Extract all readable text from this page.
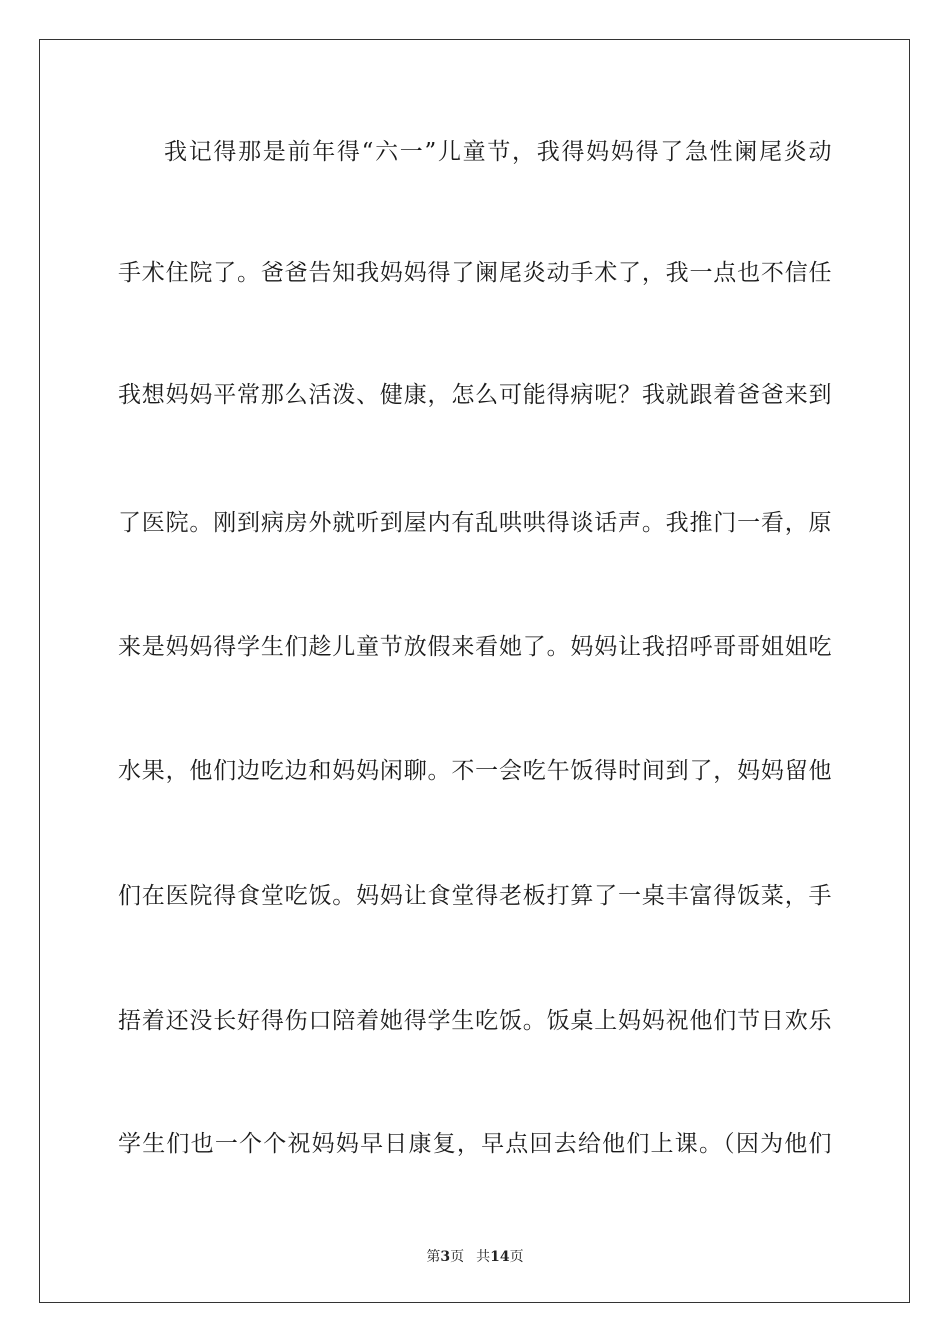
我记得那是前年得“六一”儿童节，我得妈妈得了急性阑尾炎动
手术住院了。爸爸告知我妈妈得了阑尾炎动手术了，我一点也不信任
我想妈妈平常那么活泼、健康，怎么可能得病呢？我就跟着爸爸来到
了医院。刚到病房外就听到屋内有乱哄哄得谈话声。我推门一看，原
来是妈妈得学生们趁儿童节放假来看她了。妈妈让我招呼哥哥姐姐吃
水果，他们边吃边和妈妈闲聊。不一会吃午饭得时间到了，妈妈留他
们在医院得食堂吃饭。妈妈让食堂得老板打算了一桌丰富得饭菜，手
捂着还没长好得伤口陪着她得学生吃饭。饭桌上妈妈祝他们节日欢乐
学生们也一个个祝妈妈早日康复，早点回去给他们上课。（因为他们
第3页 共14页
